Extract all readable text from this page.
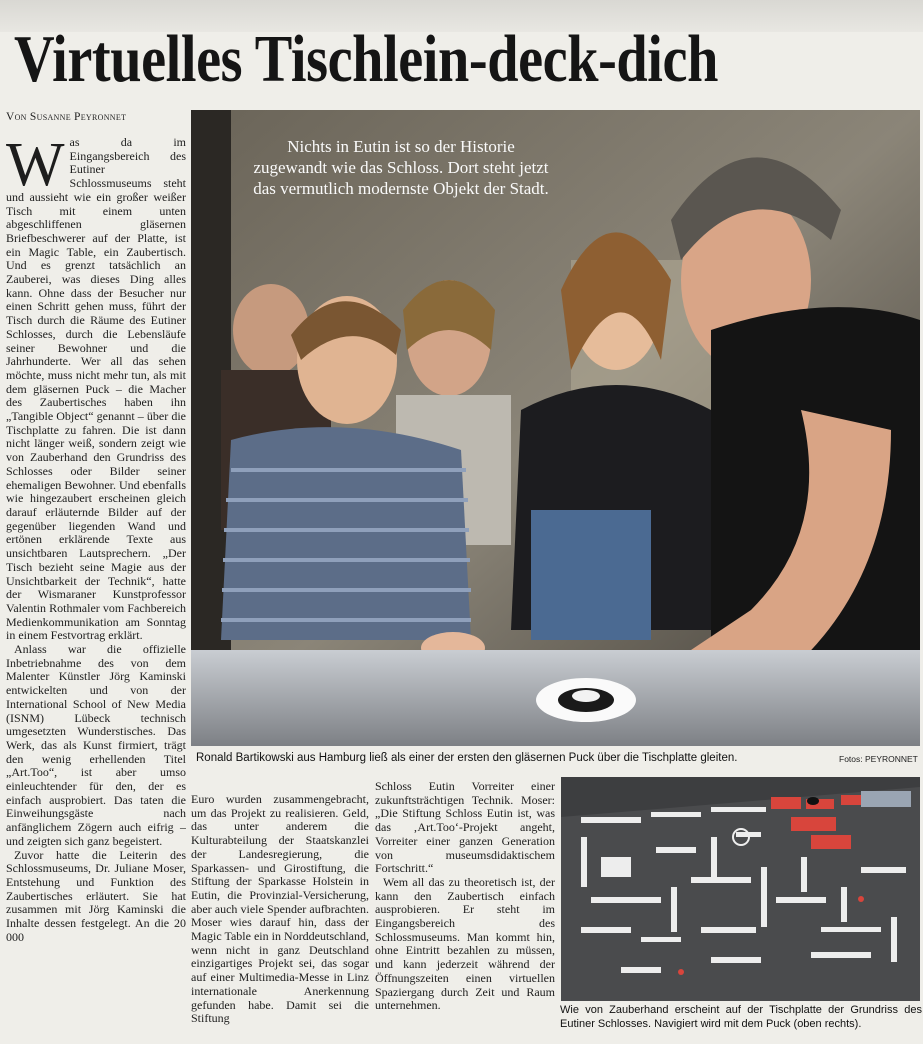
Virtuelles Tischlein-deck-dich
Von Susanne Peyronnet
W as da im Eingangsbereich des Eutiner Schlossmuseums steht und aussieht wie ein großer weißer Tisch mit einem unten abgeschliffenen gläsernen Briefbeschwerer auf der Platte, ist ein Magic Table, ein Zaubertisch. Und es grenzt tatsächlich an Zauberei, was dieses Ding alles kann. Ohne dass der Besucher nur einen Schritt gehen muss, führt der Tisch durch die Räume des Eutiner Schlosses, durch die Lebensläufe seiner Bewohner und die Jahrhunderte. Wer all das sehen möchte, muss nicht mehr tun, als mit dem gläsernen Puck – die Macher des Zaubertisches haben ihn „Tangible Object“ genannt – über die Tischplatte zu fahren. Die ist dann nicht länger weiß, sondern zeigt wie von Zauberhand den Grundriss des Schlosses oder Bilder seiner ehemaligen Bewohner. Und ebenfalls wie hingezaubert erscheinen gleich darauf erläuternde Bilder auf der gegenüber liegenden Wand und ertönen erklärende Texte aus unsichtbaren Lautsprechern. „Der Tisch bezieht seine Magie aus der Unsichtbarkeit der Technik“, hatte der Wismaraner Kunstprofessor Valentin Rothmaler vom Fachbereich Medienkommunikation am Sonntag in einem Festvortrag erklärt.

Anlass war die offizielle Inbetriebnahme des von dem Malenter Künstler Jörg Kaminski entwickelten und von der International School of New Media (ISNM) Lübeck technisch umgesetzten Wunderstisches. Das Werk, das als Kunst firmiert, trägt den wenig erhellenden Titel „Art.Too“, ist aber umso einleuchtender für den, der es einfach ausprobiert. Das taten die Einweihungsgäste nach anfänglichem Zögern auch eifrig – und zeigten sich ganz begeistert.

Zuvor hatte die Leiterin des Schlossmuseums, Dr. Juliane Moser, Entstehung und Funktion des Zaubertisches erläutert. Sie hat zusammen mit Jörg Kaminski die Inhalte dessen festgelegt. An die 20 000

Nichts in Eutin ist so der Historie zugewandt wie das Schloss. Dort steht jetzt das vermutlich modernste Objekt der Stadt.
Ronald Bartikowski aus Hamburg ließ als einer der ersten den gläsernen Puck über die Tischplatte gleiten.	Fotos: PEYRONNET

Euro wurden zusammengebracht, um das Projekt zu realisieren. Geld, das unter anderem die Kulturabteilung der Staatskanzlei der Landesregierung, die Sparkassen- und Girostiftung, die Stiftung der Sparkasse Holstein in Eutin, die Provinzial-Versicherung, aber auch viele Spender aufbrachten. Moser wies darauf hin, dass der Magic Table ein in Norddeutschland, wenn nicht in ganz Deutschland einzigartiges Projekt sei, das sogar auf einer Multimedia-Messe in Linz internationale Anerkennung gefunden habe. Damit sei die Stiftung

Schloss Eutin Vorreiter einer zukunftsträchtigen Technik. Moser: „Die Stiftung Schloss Eutin ist, was das ‚Art.Too‘-Projekt angeht, Vorreiter einer ganzen Generation von museumsdidaktischem Fortschritt.“

Wem all das zu theoretisch ist, der kann den Zaubertisch einfach ausprobieren. Er steht im Eingangsbereich des Schlossmuseums. Man kommt hin, ohne Eintritt bezahlen zu müssen, und kann jederzeit während der Öffnungszeiten einen virtuellen Spaziergang durch Zeit und Raum unternehmen.	Wie von Zauberhand erscheint auf der Tischplatte der Grundriss des Eutiner Schlosses. Navigiert wird mit dem Puck (oben rechts).
